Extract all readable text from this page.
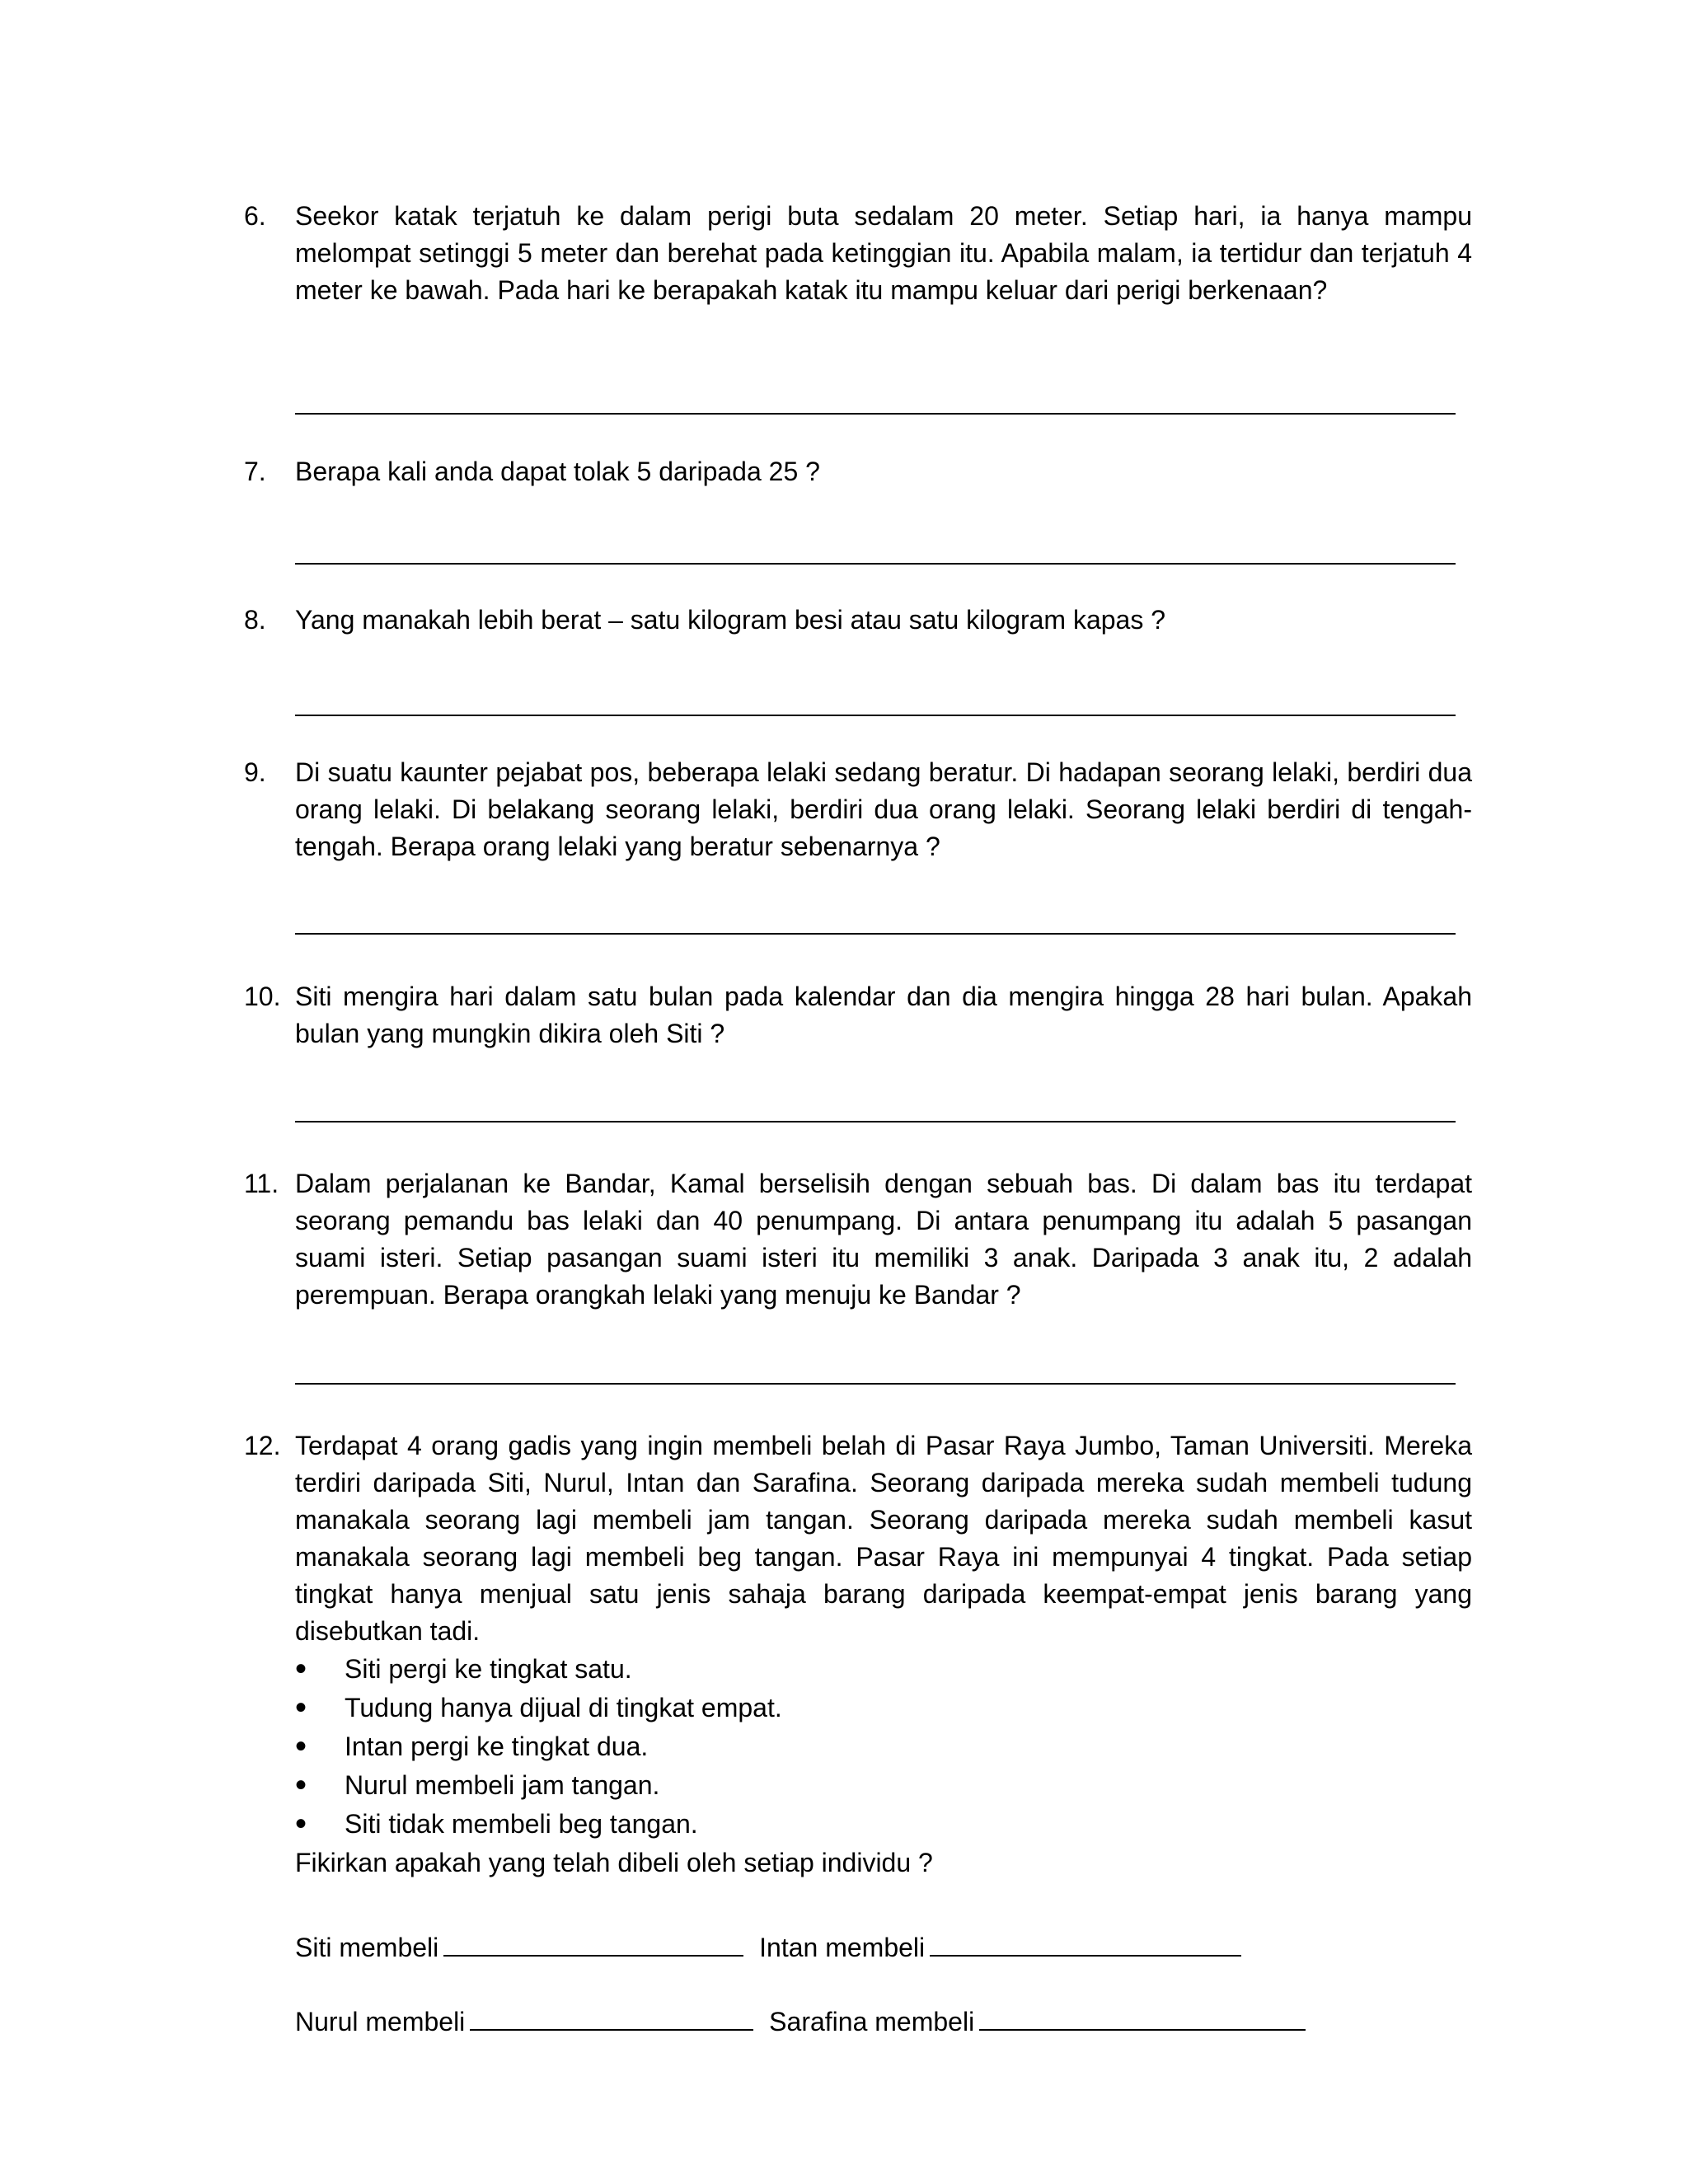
6.	Seekor katak terjatuh ke dalam perigi buta sedalam 20 meter. Setiap hari, ia hanya mampu melompat setinggi 5 meter dan berehat pada ketinggian itu. Apabila malam, ia tertidur dan terjatuh 4 meter ke bawah. Pada hari ke berapakah katak itu mampu keluar dari perigi berkenaan?
7.	Berapa kali anda dapat tolak 5 daripada 25 ?
8.	Yang manakah lebih berat – satu kilogram besi atau satu kilogram kapas ?
9.	Di suatu kaunter pejabat pos, beberapa lelaki sedang beratur. Di hadapan seorang lelaki, berdiri dua orang lelaki. Di belakang seorang lelaki, berdiri dua orang lelaki. Seorang lelaki berdiri di tengah-tengah. Berapa orang lelaki yang beratur sebenarnya ?
10. Siti mengira hari dalam satu bulan pada kalendar dan dia mengira hingga 28 hari bulan. Apakah bulan yang mungkin dikira oleh Siti ?
11. Dalam perjalanan ke Bandar, Kamal berselisih dengan sebuah bas. Di dalam bas itu terdapat seorang pemandu bas lelaki dan 40 penumpang. Di antara penumpang itu adalah 5 pasangan suami isteri. Setiap pasangan suami isteri itu memiliki 3 anak. Daripada 3 anak itu, 2 adalah perempuan. Berapa orangkah lelaki yang menuju ke Bandar ?
12. Terdapat 4 orang gadis yang ingin membeli belah di Pasar Raya Jumbo, Taman Universiti. Mereka terdiri daripada Siti, Nurul, Intan dan Sarafina. Seorang daripada mereka sudah membeli tudung manakala seorang lagi membeli jam tangan. Seorang daripada mereka sudah membeli kasut manakala seorang lagi membeli beg tangan. Pasar Raya ini mempunyai 4 tingkat. Pada setiap tingkat hanya menjual satu jenis sahaja barang daripada keempat-empat jenis barang yang disebutkan tadi.
• Siti pergi ke tingkat satu.
• Tudung hanya dijual di tingkat empat.
• Intan pergi ke tingkat dua.
• Nurul membeli jam tangan.
• Siti tidak membeli beg tangan.
Fikirkan apakah yang telah dibeli oleh setiap individu ?
Siti membeli	Intan membeli
Nurul membeli	Sarafina membeli
